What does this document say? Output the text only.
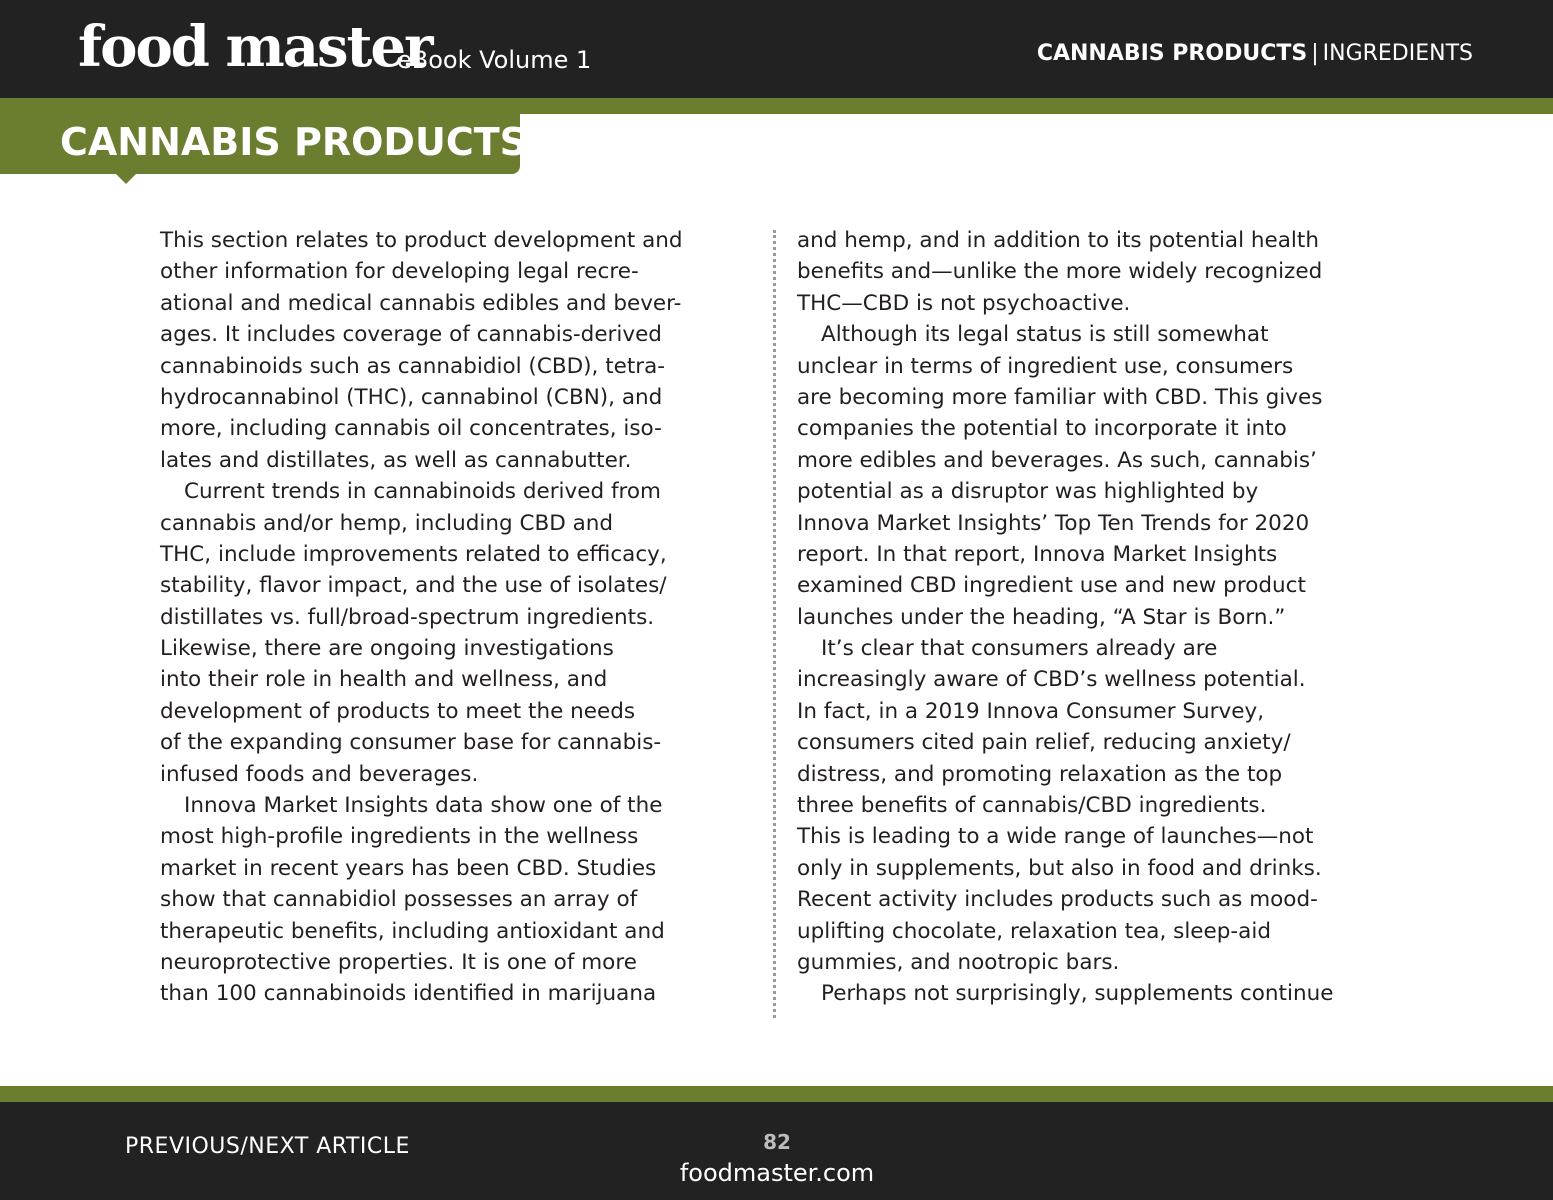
food master
eBook Volume 1	CANNABIS PRODUCTS | INGREDIENTS
CANNABIS PRODUCTS
This section relates to product development and
other information for developing legal recre-
ational and medical cannabis edibles and bever-
ages. It includes coverage of cannabis-derived
cannabinoids such as cannabidiol (CBD), tetra-
hydrocannabinol (THC), cannabinol (CBN), and
more, including cannabis oil concentrates, iso-
lates and distillates, as well as cannabutter.
Current trends in cannabinoids derived from
cannabis and/or hemp, including CBD and
THC, include improvements related to efficacy,
stability, flavor impact, and the use of isolates/
distillates vs. full/broad-spectrum ingredients.
Likewise, there are ongoing investigations
into their role in health and wellness, and
development of products to meet the needs
of the expanding consumer base for cannabis-
infused foods and beverages.
Innova Market Insights data show one of the
most high-profile ingredients in the wellness
market in recent years has been CBD. Studies
show that cannabidiol possesses an array of
therapeutic benefits, including antioxidant and
neuroprotective properties. It is one of more
than 100 cannabinoids identified in marijuana
and hemp, and in addition to its potential health
benefits and—unlike the more widely recognized
THC—CBD is not psychoactive.
Although its legal status is still somewhat
unclear in terms of ingredient use, consumers
are becoming more familiar with CBD. This gives
companies the potential to incorporate it into
more edibles and beverages. As such, cannabis’
potential as a disruptor was highlighted by
Innova Market Insights’ Top Ten Trends for 2020
report. In that report, Innova Market Insights
examined CBD ingredient use and new product
launches under the heading, “A Star is Born.”
It’s clear that consumers already are
increasingly aware of CBD’s wellness potential.
In fact, in a 2019 Innova Consumer Survey,
consumers cited pain relief, reducing anxiety/
distress, and promoting relaxation as the top
three benefits of cannabis/CBD ingredients.
This is leading to a wide range of launches—not
only in supplements, but also in food and drinks.
Recent activity includes products such as mood-
uplifting chocolate, relaxation tea, sleep-aid
gummies, and nootropic bars.
Perhaps not surprisingly, supplements continue
PREVIOUS/NEXT ARTICLE	82
foodmaster.com
